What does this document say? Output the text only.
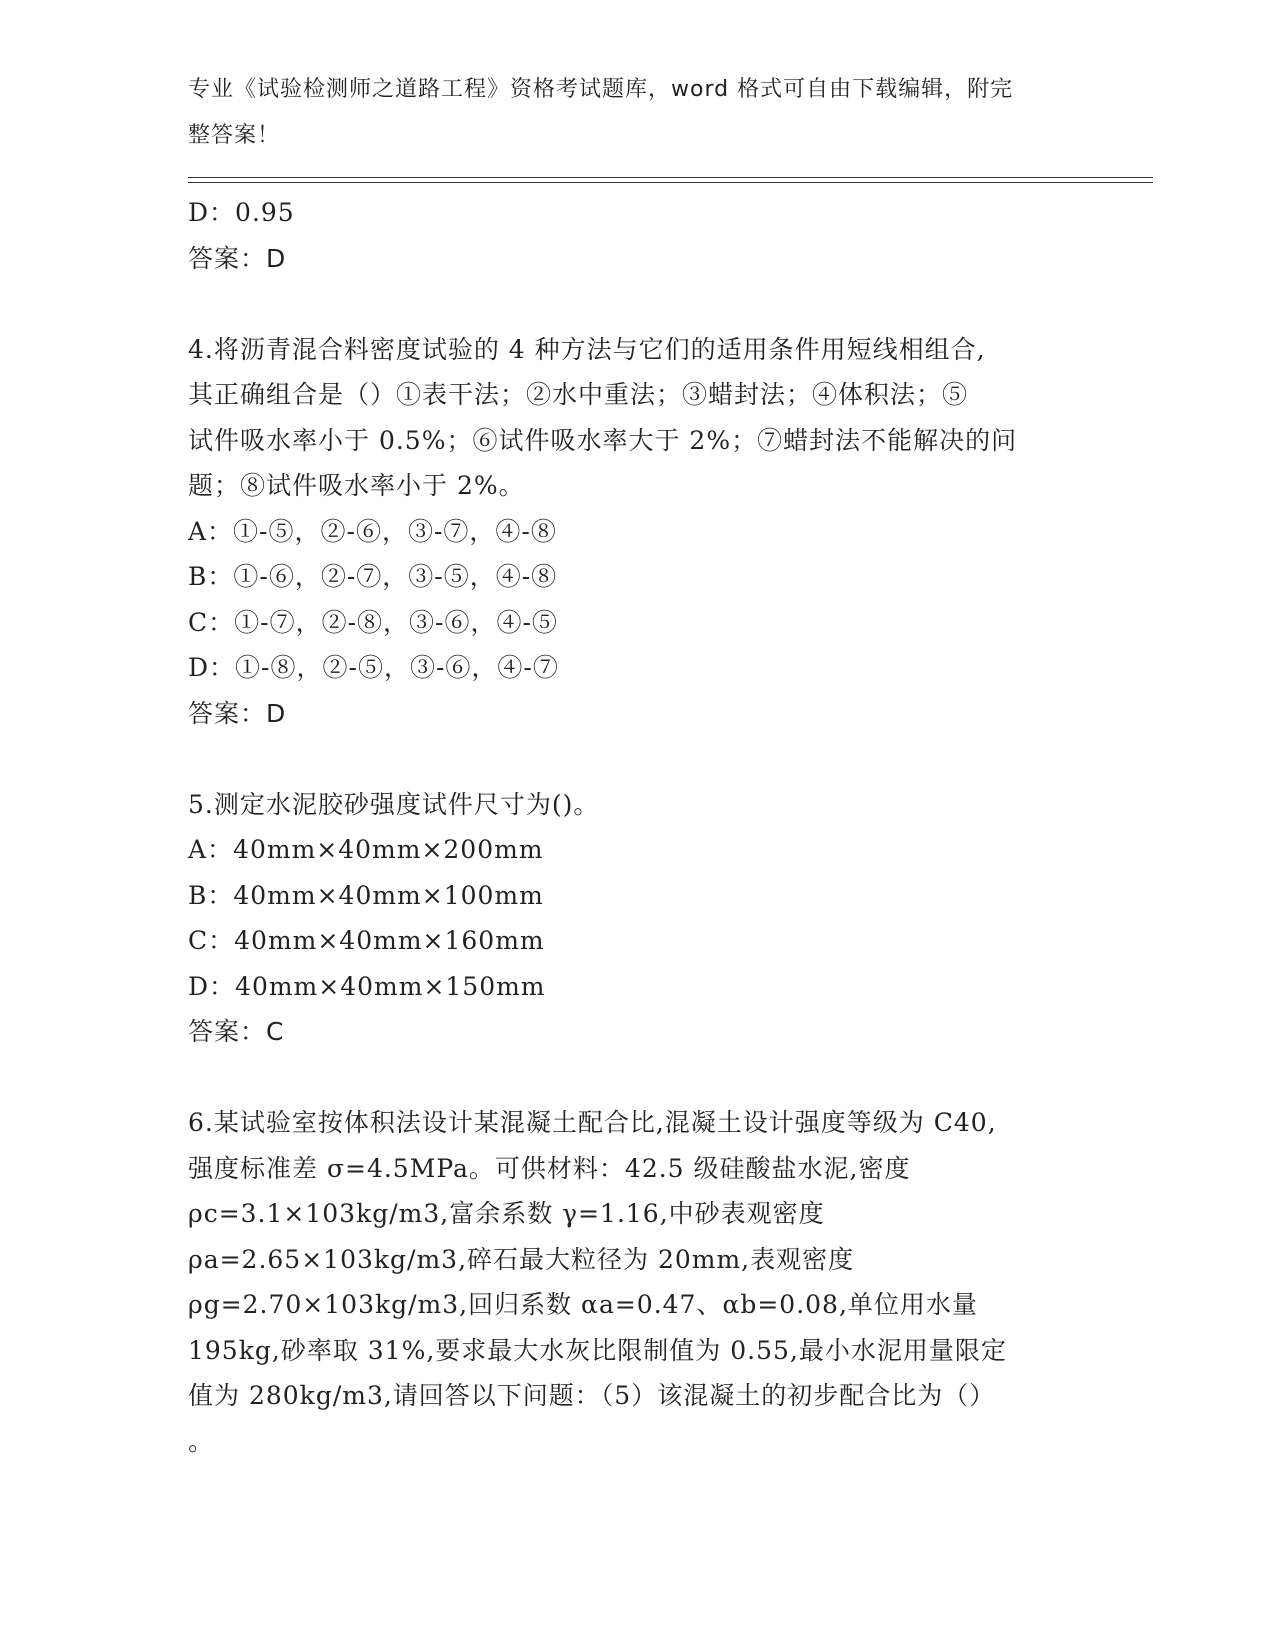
专业《试验检测师之道路工程》资格考试题库，word 格式可自由下载编辑，附完
整答案！
D：0.95
答案：D
4.将沥青混合料密度试验的 4 种方法与它们的适用条件用短线相组合,
其正确组合是（）①表干法；②水中重法；③蜡封法；④体积法；⑤
试件吸水率小于 0.5%；⑥试件吸水率大于 2%；⑦蜡封法不能解决的问
题；⑧试件吸水率小于 2%。
A：①-⑤，②-⑥，③-⑦，④-⑧
B：①-⑥，②-⑦，③-⑤，④-⑧
C：①-⑦，②-⑧，③-⑥，④-⑤
D：①-⑧，②-⑤，③-⑥，④-⑦
答案：D
5.测定水泥胶砂强度试件尺寸为()。
A：40mm×40mm×200mm
B：40mm×40mm×100mm
C：40mm×40mm×160mm
D：40mm×40mm×150mm
答案：C
6.某试验室按体积法设计某混凝土配合比,混凝土设计强度等级为 C40,
强度标准差 σ=4.5MPa。可供材料：42.5 级硅酸盐水泥,密度
ρc=3.1×103kg/m3,富余系数 γ=1.16,中砂表观密度
ρa=2.65×103kg/m3,碎石最大粒径为 20mm,表观密度
ρg=2.70×103kg/m3,回归系数 αa=0.47、αb=0.08,单位用水量
195kg,砂率取 31%,要求最大水灰比限制值为 0.55,最小水泥用量限定
值为 280kg/m3,请回答以下问题：（5）该混凝土的初步配合比为（）
。
